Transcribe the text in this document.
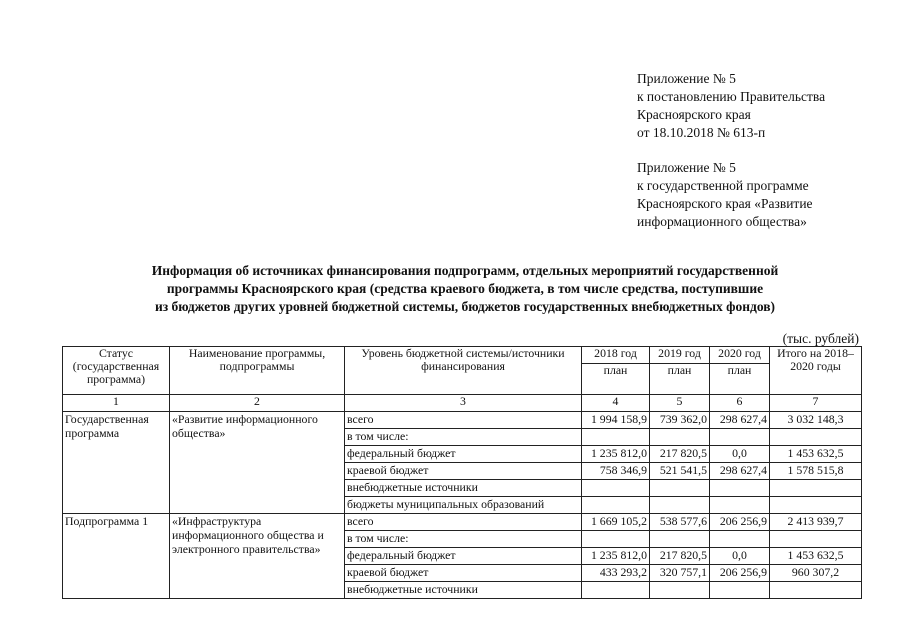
Приложение № 5
к постановлению Правительства
Красноярского края
от 18.10.2018 № 613-п
Приложение № 5
к государственной программе
Красноярского края «Развитие
информационного общества»
Информация об источниках финансирования подпрограмм, отдельных мероприятий государственной
программы Красноярского края (средства краевого бюджета, в том числе средства, поступившие
из бюджетов других уровней бюджетной системы, бюджетов государственных внебюджетных фондов)
(тыс. рублей)
Статус (государственная программа)	Наименование программы, подпрограммы	Уровень бюджетной системы/источники финансирования	2018 год	2019 год	2020 год	Итого на 2018–2020 годы
			план	план	план	
1	2	3	4	5	6	7
Государственная программа	«Развитие информационного общества»	всего	1 994 158,9	739 362,0	298 627,4	3 032 148,3
		в том числе:				
		федеральный бюджет	1 235 812,0	217 820,5	0,0	1 453 632,5
		краевой бюджет	758 346,9	521 541,5	298 627,4	1 578 515,8
		внебюджетные источники				
		бюджеты муниципальных образований				
Подпрограмма 1	«Инфраструктура информационного общества и электронного правительства»	всего	1 669 105,2	538 577,6	206 256,9	2 413 939,7
		в том числе:				
		федеральный бюджет	1 235 812,0	217 820,5	0,0	1 453 632,5
		краевой бюджет	433 293,2	320 757,1	206 256,9	960 307,2
		внебюджетные источники				
